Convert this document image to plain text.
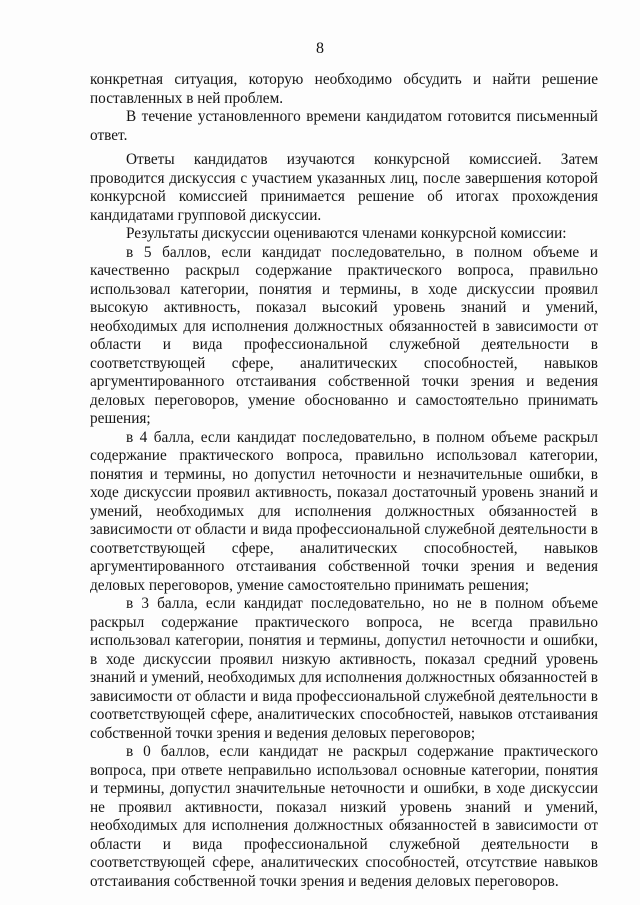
8

конкретная ситуация, которую необходимо обсудить и найти решение поставленных в ней проблем.

В течение установленного времени кандидатом готовится письменный ответ.

Ответы кандидатов изучаются конкурсной комиссией. Затем проводится дискуссия с участием указанных лиц, после завершения которой конкурсной комиссией принимается решение об итогах прохождения кандидатами групповой дискуссии.

Результаты дискуссии оцениваются членами конкурсной комиссии:

в 5 баллов, если кандидат последовательно, в полном объеме и качественно раскрыл содержание практического вопроса, правильно использовал категории, понятия и термины, в ходе дискуссии проявил высокую активность, показал высокий уровень знаний и умений, необходимых для исполнения должностных обязанностей в зависимости от области и вида профессиональной служебной деятельности в соответствующей сфере, аналитических способностей, навыков аргументированного отстаивания собственной точки зрения и ведения деловых переговоров, умение обоснованно и самостоятельно принимать решения;

в 4 балла, если кандидат последовательно, в полном объеме раскрыл содержание практического вопроса, правильно использовал категории, понятия и термины, но допустил неточности и незначительные ошибки, в ходе дискуссии проявил активность, показал достаточный уровень знаний и умений, необходимых для исполнения должностных обязанностей в зависимости от области и вида профессиональной служебной деятельности в соответствующей сфере, аналитических способностей, навыков аргументированного отстаивания собственной точки зрения и ведения деловых переговоров, умение самостоятельно принимать решения;

в 3 балла, если кандидат последовательно, но не в полном объеме раскрыл содержание практического вопроса, не всегда правильно использовал категории, понятия и термины, допустил неточности и ошибки, в ходе дискуссии проявил низкую активность, показал средний уровень знаний и умений, необходимых для исполнения должностных обязанностей в зависимости от области и вида профессиональной служебной деятельности в соответствующей сфере, аналитических способностей, навыков отстаивания собственной точки зрения и ведения деловых переговоров;

в 0 баллов, если кандидат не раскрыл содержание практического вопроса, при ответе неправильно использовал основные категории, понятия и термины, допустил значительные неточности и ошибки, в ходе дискуссии не проявил активности, показал низкий уровень знаний и умений, необходимых для исполнения должностных обязанностей в зависимости от области и вида профессиональной служебной деятельности в соответствующей сфере, аналитических способностей, отсутствие навыков отстаивания собственной точки зрения и ведения деловых переговоров.
